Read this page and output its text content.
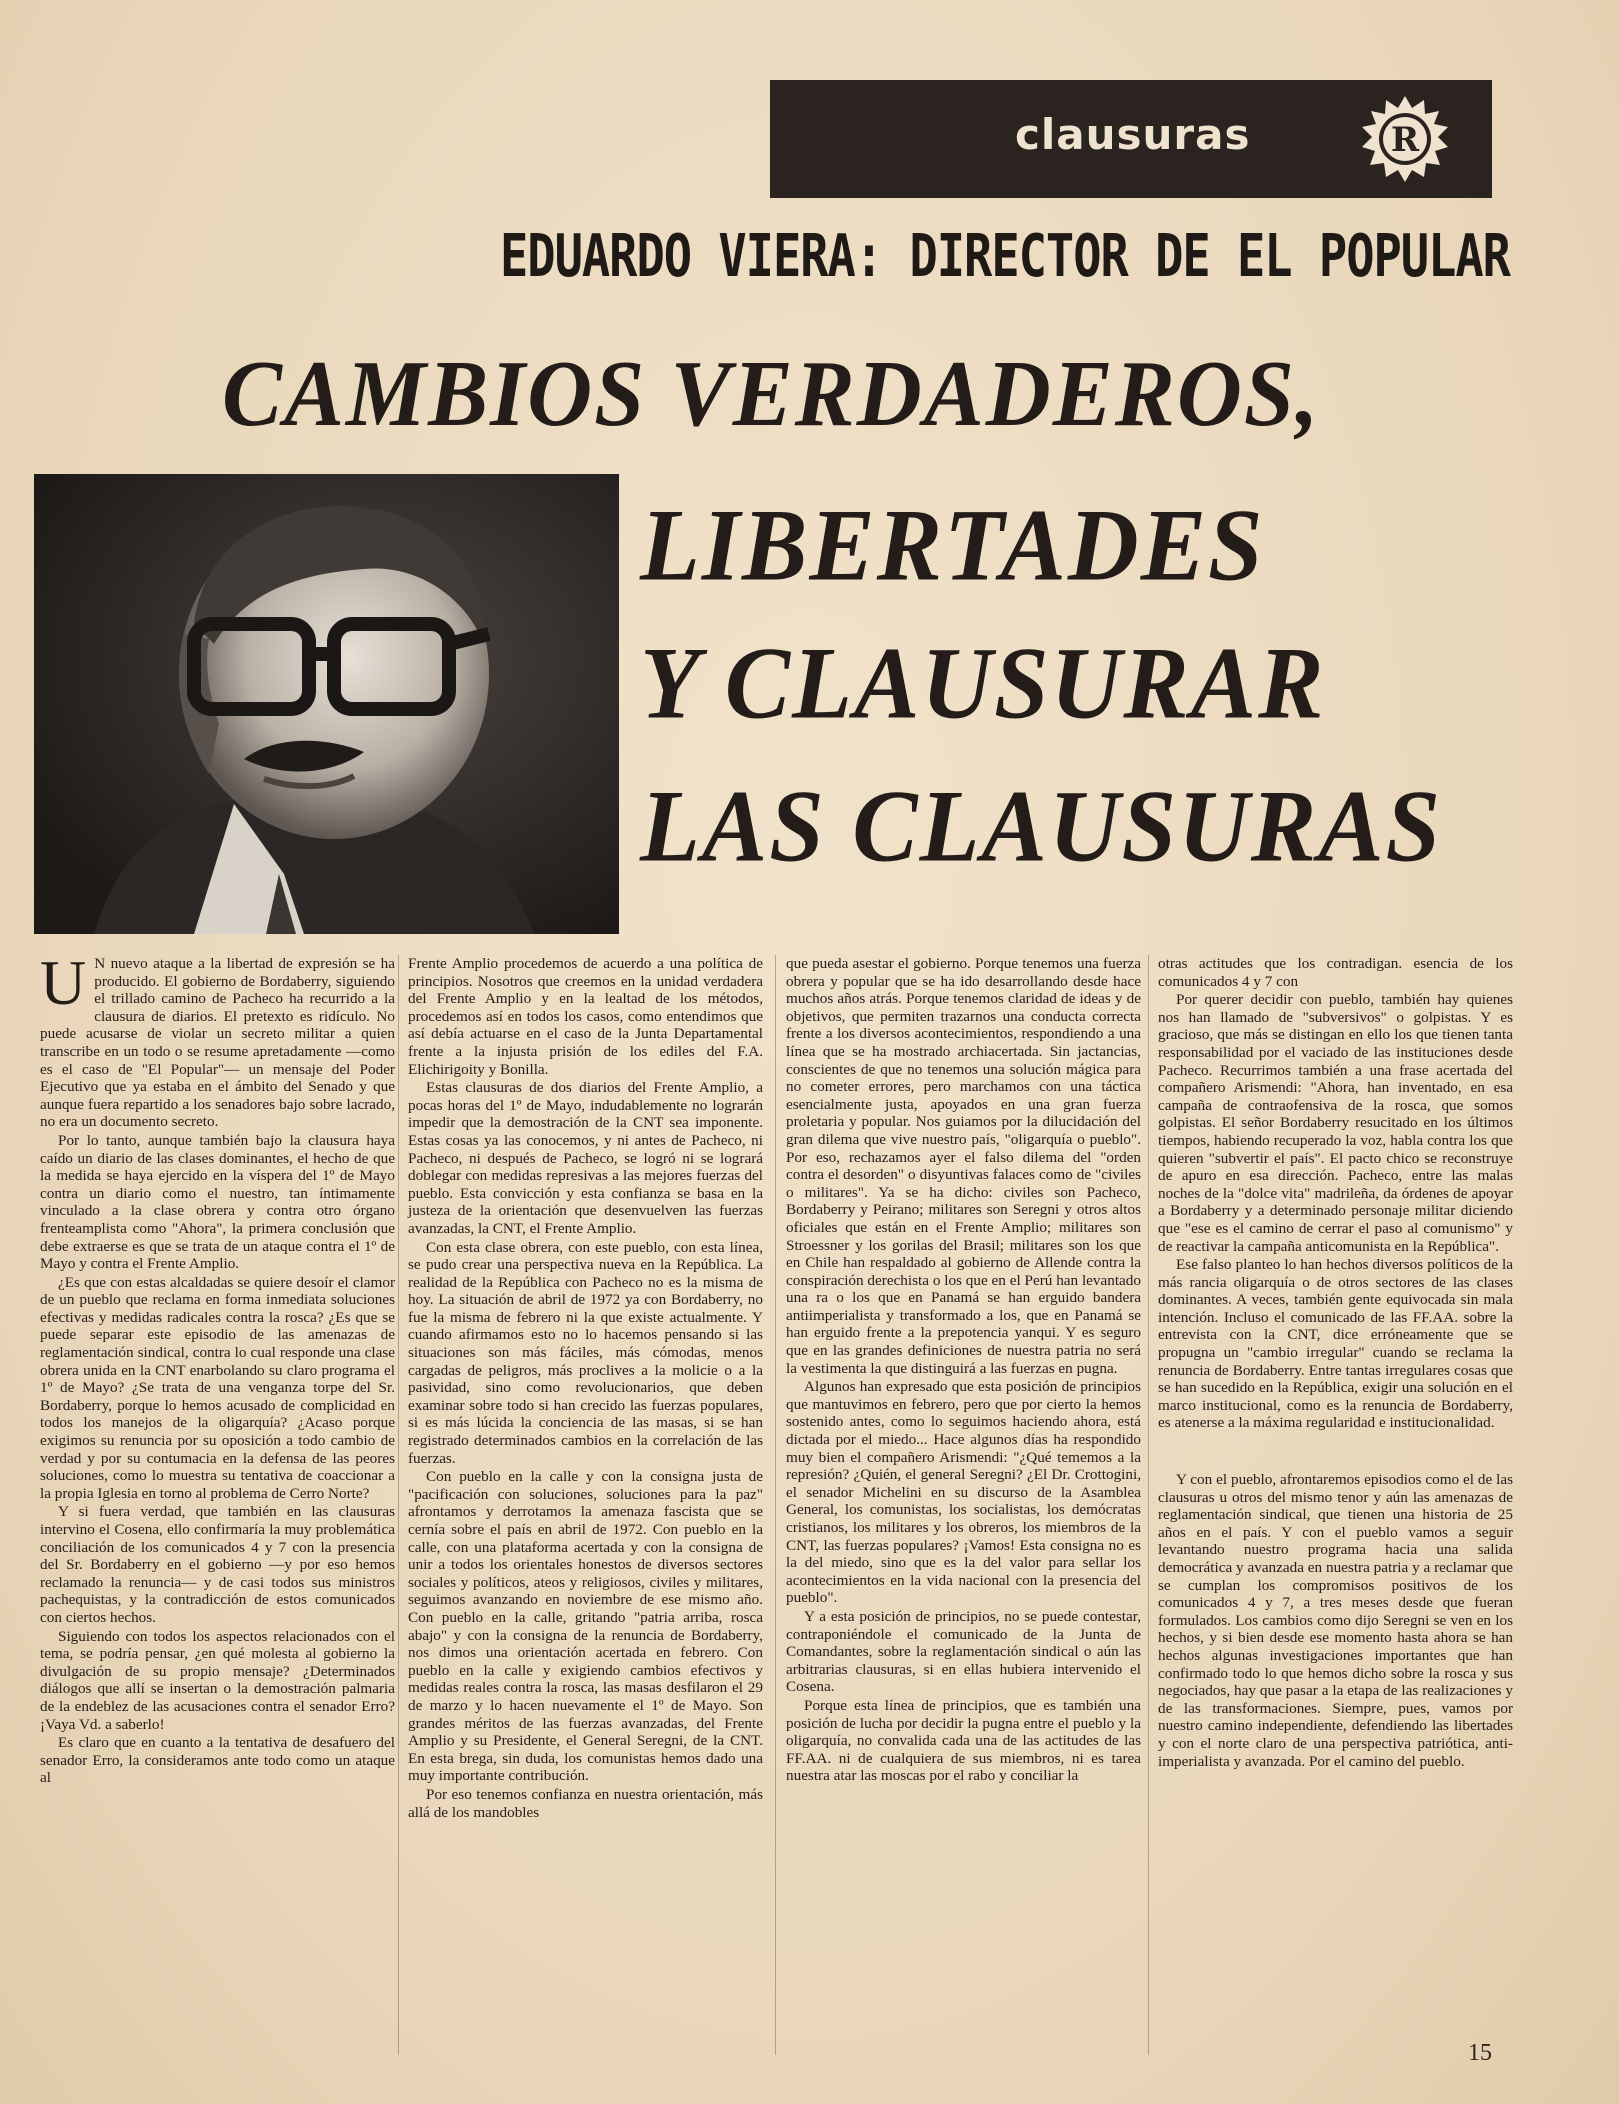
clausuras	R
EDUARDO VIERA: DIRECTOR DE EL POPULAR
CAMBIOS VERDADEROS,
LIBERTADES
Y CLAUSURAR
LAS CLAUSURAS

U N nuevo ataque a la libertad de expresión se ha producido. El gobierno de Bordaberry, siguiendo el trillado camino de Pacheco ha recurrido a la clausura de diarios. El pretexto es ridículo. No puede acusarse de violar un secreto militar a quien transcribe en un todo o se resume apretadamente —como es el caso de "El Popular"— un mensaje del Poder Ejecutivo que ya estaba en el ámbito del Senado y que aunque fuera repartido a los senadores bajo sobre lacrado, no era un documento secreto.

Por lo tanto, aunque también bajo la clausura haya caído un diario de las clases dominantes, el hecho de que la medida se haya ejercido en la víspera del 1º de Mayo contra un diario como el nuestro, tan íntimamente vinculado a la clase obrera y contra otro órgano frenteamplista como "Ahora", la primera conclusión que debe extraerse es que se trata de un ataque contra el 1º de Mayo y contra el Frente Amplio.

¿Es que con estas alcaldadas se quiere desoír el clamor de un pueblo que reclama en forma inmediata soluciones efectivas y medidas radicales contra la rosca? ¿Es que se puede separar este episodio de las amenazas de reglamentación sindical, contra lo cual responde una clase obrera unida en la CNT enarbolando su claro programa el 1º de Mayo? ¿Se trata de una venganza torpe del Sr. Bordaberry, porque lo hemos acusado de complicidad en todos los manejos de la oligarquía? ¿Acaso porque exigimos su renuncia por su oposición a todo cambio de verdad y por su contumacia en la defensa de las peores soluciones, como lo muestra su tentativa de coaccionar a la propia Iglesia en torno al problema de Cerro Norte?

Y si fuera verdad, que también en las clausuras intervino el Cosena, ello confirmaría la muy problemática conciliación de los comunicados 4 y 7 con la presencia del Sr. Bordaberry en el gobierno —y por eso hemos reclamado la renuncia— y de casi todos sus ministros pachequistas, y la contradicción de estos comunicados con ciertos hechos.

Siguiendo con todos los aspectos relacionados con el tema, se podría pensar, ¿en qué molesta al gobierno la divulgación de su propio mensaje? ¿Determinados diálogos que allí se insertan o la demostración palmaria de la endeblez de las acusaciones contra el senador Erro? ¡Vaya Vd. a saberlo!

Es claro que en cuanto a la tentativa de desafuero del senador Erro, la consideramos ante todo como un ataque al

Frente Amplio procedemos de acuerdo a una política de principios. Nosotros que creemos en la unidad verdadera del Frente Amplio y en la lealtad de los métodos, procedemos así en todos los casos, como entendimos que así debía actuarse en el caso de la Junta Departamental frente a la injusta prisión de los ediles del F.A. Elichirigoity y Bonilla.

Estas clausuras de dos diarios del Frente Amplio, a pocas horas del 1º de Mayo, indudablemente no lograrán impedir que la demostración de la CNT sea imponente. Estas cosas ya las conocemos, y ni antes de Pacheco, ni Pacheco, ni después de Pacheco, se logró ni se logrará doblegar con medidas represivas a las mejores fuerzas del pueblo. Esta convicción y esta confianza se basa en la justeza de la orientación que desenvuelven las fuerzas avanzadas, la CNT, el Frente Amplio.

Con esta clase obrera, con este pueblo, con esta línea, se pudo crear una perspectiva nueva en la República. La realidad de la República con Pacheco no es la misma de hoy. La situación de abril de 1972 ya con Bordaberry, no fue la misma de febrero ni la que existe actualmente. Y cuando afirmamos esto no lo hacemos pensando si las situaciones son más fáciles, más cómodas, menos cargadas de peligros, más proclives a la molicie o a la pasividad, sino como revolucionarios, que deben examinar sobre todo si han crecido las fuerzas populares, si es más lúcida la conciencia de las masas, si se han registrado determinados cambios en la correlación de las fuerzas.

Con pueblo en la calle y con la consigna justa de "pacificación con soluciones, soluciones para la paz" afrontamos y derrotamos la amenaza fascista que se cernía sobre el país en abril de 1972. Con pueblo en la calle, con una plataforma acertada y con la consigna de unir a todos los orientales honestos de diversos sectores sociales y políticos, ateos y religiosos, civiles y militares, seguimos avanzando en noviembre de ese mismo año. Con pueblo en la calle, gritando "patria arriba, rosca abajo" y con la consigna de la renuncia de Bordaberry, nos dimos una orientación acertada en febrero. Con pueblo en la calle y exigiendo cambios efectivos y medidas reales contra la rosca, las masas desfilaron el 29 de marzo y lo hacen nuevamente el 1º de Mayo. Son grandes méritos de las fuerzas avanzadas, del Frente Amplio y su Presidente, el General Seregni, de la CNT. En esta brega, sin duda, los comunistas hemos dado una muy importante contribución.

Por eso tenemos confianza en nuestra orientación, más allá de los mandobles

que pueda asestar el gobierno. Porque tenemos una fuerza obrera y popular que se ha ido desarrollando desde hace muchos años atrás. Porque tenemos claridad de ideas y de objetivos, que permiten trazarnos una conducta correcta frente a los diversos acontecimientos, respondiendo a una línea que se ha mostrado archiacertada. Sin jactancias, conscientes de que no tenemos una solución mágica para no cometer errores, pero marchamos con una táctica esencialmente justa, apoyados en una gran fuerza proletaria y popular. Nos guiamos por la dilucidación del gran dilema que vive nuestro país, "oligarquía o pueblo". Por eso, rechazamos ayer el falso dilema del "orden contra el desorden" o disyuntivas falaces como de "civiles o militares". Ya se ha dicho: civiles son Pacheco, Bordaberry y Peirano; militares son Seregni y otros altos oficiales que están en el Frente Amplio; militares son Stroessner y los gorilas del Brasil; militares son los que en Chile han respaldado al gobierno de Allende contra la conspiración derechista o los que en el Perú han levantado una ra o los que en Panamá se han erguido bandera antiimperialista y transformado a los, que en Panamá se han erguido frente a la prepotencia yanqui. Y es seguro que en las grandes definiciones de nuestra patria no será la vestimenta la que distinguirá a las fuerzas en pugna.

Algunos han expresado que esta posición de principios que mantuvimos en febrero, pero que por cierto la hemos sostenido antes, como lo seguimos haciendo ahora, está dictada por el miedo... Hace algunos días ha respondido muy bien el compañero Arismendi: "¿Qué tememos a la represión? ¿Quién, el general Seregni? ¿El Dr. Crottogini, el senador Michelini en su discurso de la Asamblea General, los comunistas, los socialistas, los demócratas cristianos, los militares y los obreros, los miembros de la CNT, las fuerzas populares? ¡Vamos! Esta consigna no es la del miedo, sino que es la del valor para sellar los acontecimientos en la vida nacional con la presencia del pueblo".

Y a esta posición de principios, no se puede contestar, contraponiéndole el comunicado de la Junta de Comandantes, sobre la reglamentación sindical o aún las arbitrarias clausuras, si en ellas hubiera intervenido el Cosena.

Porque esta línea de principios, que es también una posición de lucha por decidir la pugna entre el pueblo y la oligarquía, no convalida cada una de las actitudes de las FF.AA. ni de cualquiera de sus miembros, ni es tarea nuestra atar las moscas por el rabo y conciliar la

otras actitudes que los contradigan. esencia de los comunicados 4 y 7 con

Por querer decidir con pueblo, también hay quienes nos han llamado de "subversivos" o golpistas. Y es gracioso, que más se distingan en ello los que tienen tanta responsabilidad por el vaciado de las instituciones desde Pacheco. Recurrimos también a una frase acertada del compañero Arismendi: "Ahora, han inventado, en esa campaña de contraofensiva de la rosca, que somos golpistas. El señor Bordaberry resucitado en los últimos tiempos, habiendo recuperado la voz, habla contra los que quieren "subvertir el país". El pacto chico se reconstruye de apuro en esa dirección. Pacheco, entre las malas noches de la "dolce vita" madrileña, da órdenes de apoyar a Bordaberry y a determinado personaje militar diciendo que "ese es el camino de cerrar el paso al comunismo" y de reactivar la campaña anticomunista en la República".

Ese falso planteo lo han hechos diversos políticos de la más rancia oligarquía o de otros sectores de las clases dominantes. A veces, también gente equivocada sin mala intención. Incluso el comunicado de las FF.AA. sobre la entrevista con la CNT, dice erróneamente que se propugna un "cambio irregular" cuando se reclama la renuncia de Bordaberry. Entre tantas irregulares cosas que se han sucedido en la República, exigir una solución en el marco institucional, como es la renuncia de Bordaberry, es atenerse a la máxima regularidad e institucionalidad.

Y con el pueblo, afrontaremos episodios como el de las clausuras u otros del mismo tenor y aún las amenazas de reglamentación sindical, que tienen una historia de 25 años en el país. Y con el pueblo vamos a seguir levantando nuestro programa hacia una salida democrática y avanzada en nuestra patria y a reclamar que se cumplan los compromisos positivos de los comunicados 4 y 7, a tres meses desde que fueran formulados. Los cambios como dijo Seregni se ven en los hechos, y si bien desde ese momento hasta ahora se han hechos algunas investigaciones importantes que han confirmado todo lo que hemos dicho sobre la rosca y sus negociados, hay que pasar a la etapa de las realizaciones y de las transformaciones. Siempre, pues, vamos por nuestro camino independiente, defendiendo las libertades y con el norte claro de una perspectiva patriótica, anti-imperialista y avanzada. Por el camino del pueblo.

15
